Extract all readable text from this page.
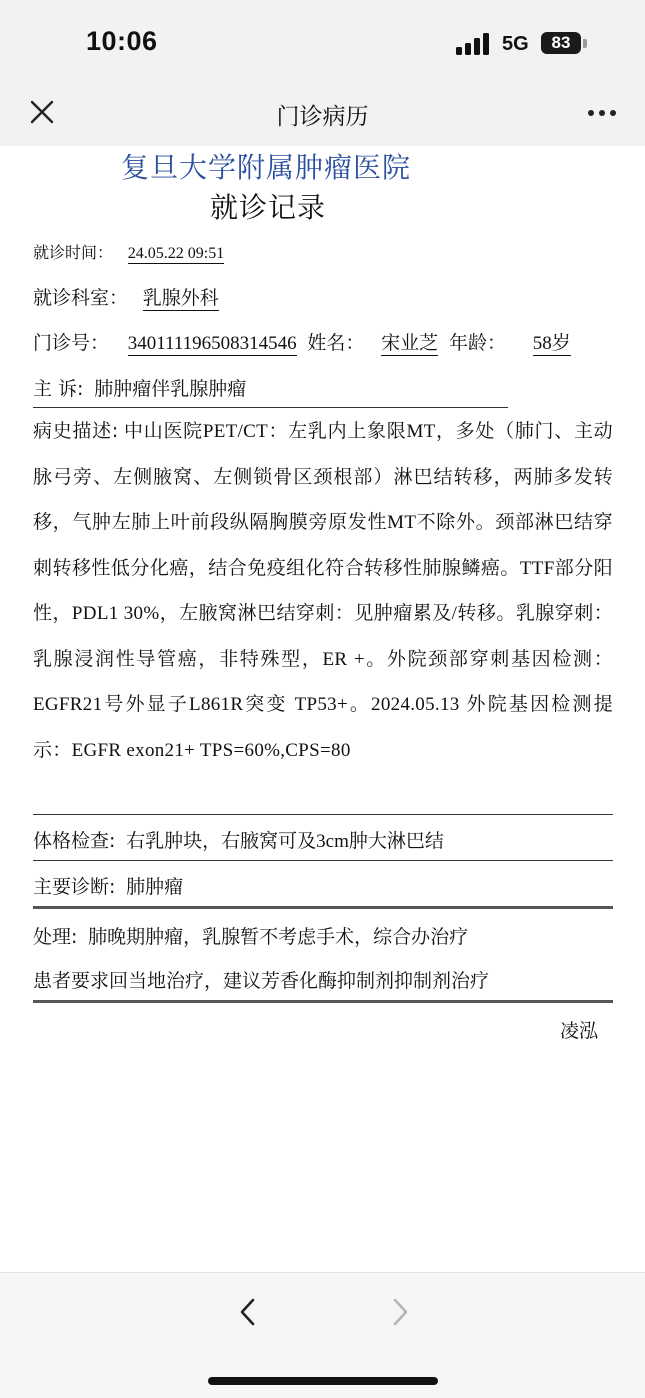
10:06	5G	83
门诊病历
复旦大学附属肿瘤医院
就诊记录
就诊时间： 24.05.22 09:51
就诊科室： 乳腺外科
门诊号： 340111196508314546 姓名： 宋业芝 年龄： 58岁
主 诉: 肺肿瘤伴乳腺肿瘤
病史描述: 中山医院PET/CT：左乳内上象限MT，多处（肺门、主动脉弓旁、左侧腋窝、左侧锁骨区颈根部）淋巴结转移，两肺多发转移，气肿左肺上叶前段纵隔胸膜旁原发性MT不除外。颈部淋巴结穿刺转移性低分化癌，结合免疫组化符合转移性肺腺鳞癌。TTF部分阳性，PDL1 30%，左腋窝淋巴结穿刺：见肿瘤累及/转移。乳腺穿刺：乳腺浸润性导管癌，非特殊型，ER +。外院颈部穿刺基因检测：EGFR21号外显子L861R突变 TP53+。2024.05.13 外院基因检测提示：EGFR exon21+ TPS=60%,CPS=80
体格检查: 右乳肿块，右腋窝可及3cm肿大淋巴结
主要诊断: 肺肿瘤
处理: 肺晚期肿瘤，乳腺暂不考虑手术，综合办治疗
患者要求回当地治疗，建议芳香化酶抑制剂抑制剂治疗
凌泓
